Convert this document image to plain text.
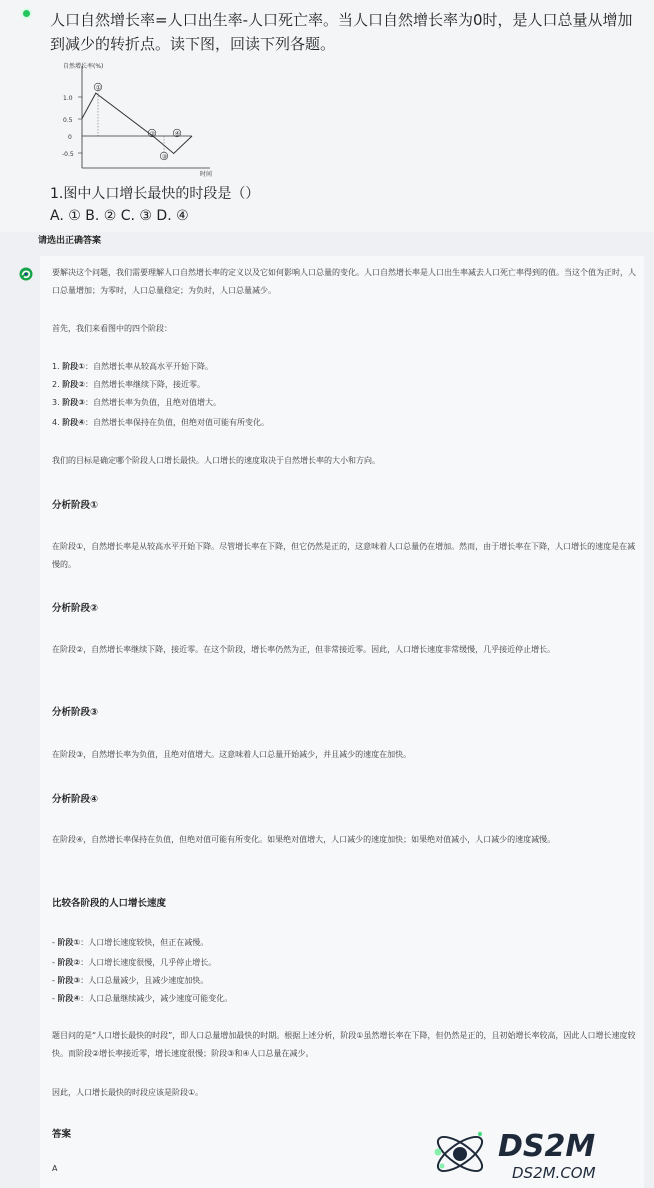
人口自然增长率=人口出生率-人口死亡率。当人口自然增长率为0时，是人口总量从增加到减少的转折点。读下图，回读下列各题。
自然增长率(%)
时间
1.0
0.5
0
-0.5
①
②
③
④
1.图中人口增长最快的时段是（）
A. ① B. ② C. ③ D. ④
请选出正确答案
要解决这个问题，我们需要理解人口自然增长率的定义以及它如何影响人口总量的变化。人口自然增长率是人口出生率减去人口死亡率得到的值。当这个值为正时，人口总量增加；为零时，人口总量稳定；为负时，人口总量减少。
首先，我们来看图中的四个阶段：
1. 阶段①：自然增长率从较高水平开始下降。
2. 阶段②：自然增长率继续下降，接近零。
3. 阶段③：自然增长率为负值，且绝对值增大。
4. 阶段④：自然增长率保持在负值，但绝对值可能有所变化。
我们的目标是确定哪个阶段人口增长最快。人口增长的速度取决于自然增长率的大小和方向。
分析阶段①
在阶段①，自然增长率是从较高水平开始下降。尽管增长率在下降，但它仍然是正的，这意味着人口总量仍在增加。然而，由于增长率在下降，人口增长的速度是在减慢的。
分析阶段②
在阶段②，自然增长率继续下降，接近零。在这个阶段，增长率仍然为正，但非常接近零。因此，人口增长速度非常缓慢，几乎接近停止增长。
分析阶段③
在阶段③，自然增长率为负值，且绝对值增大。这意味着人口总量开始减少，并且减少的速度在加快。
分析阶段④
在阶段④，自然增长率保持在负值，但绝对值可能有所变化。如果绝对值增大，人口减少的速度加快；如果绝对值减小，人口减少的速度减慢。
比较各阶段的人口增长速度
- 阶段①：人口增长速度较快，但正在减慢。
- 阶段②：人口增长速度很慢，几乎停止增长。
- 阶段③：人口总量减少，且减少速度加快。
- 阶段④：人口总量继续减少，减少速度可能变化。
题目问的是“人口增长最快的时段”，即人口总量增加最快的时期。根据上述分析，阶段①虽然增长率在下降，但仍然是正的，且初始增长率较高，因此人口增长速度较快。而阶段②增长率接近零，增长速度很慢；阶段③和④人口总量在减少。
因此，人口增长最快的时段应该是阶段①。
答案
A
DS2M
DS2M.COM
